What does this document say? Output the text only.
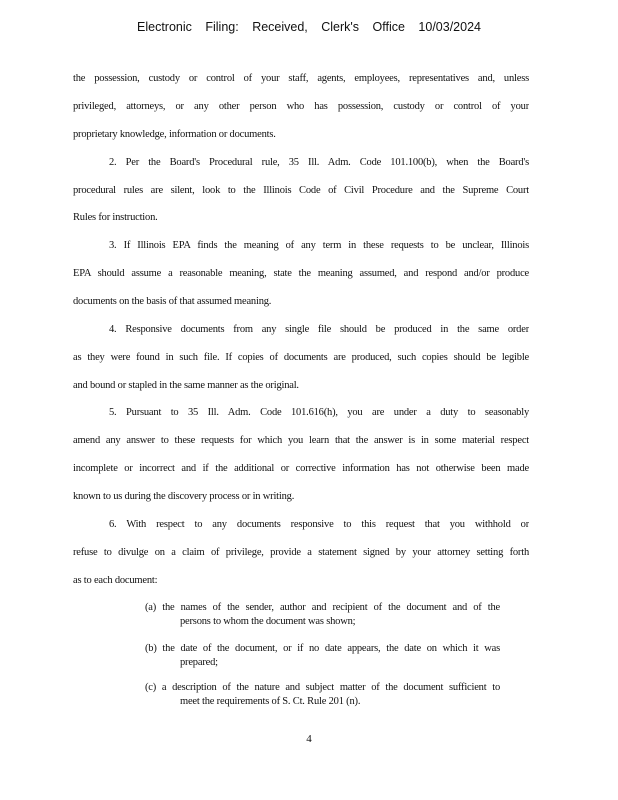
Electronic Filing: Received, Clerk's Office 10/03/2024
the possession, custody or control of your staff, agents, employees, representatives and, unless
privileged, attorneys, or any other person who has possession, custody or control of your
proprietary knowledge, information or documents.
2. Per the Board's Procedural rule, 35 Ill. Adm. Code 101.100(b), when the Board's
procedural rules are silent, look to the Illinois Code of Civil Procedure and the Supreme Court
Rules for instruction.
3. If Illinois EPA finds the meaning of any term in these requests to be unclear, Illinois
EPA should assume a reasonable meaning, state the meaning assumed, and respond and/or produce
documents on the basis of that assumed meaning.
4. Responsive documents from any single file should be produced in the same order
as they were found in such file. If copies of documents are produced, such copies should be legible
and bound or stapled in the same manner as the original.
5. Pursuant to 35 Ill. Adm. Code 101.616(h), you are under a duty to seasonably
amend any answer to these requests for which you learn that the answer is in some material respect
incomplete or incorrect and if the additional or corrective information has not otherwise been made
known to us during the discovery process or in writing.
6. With respect to any documents responsive to this request that you withhold or
refuse to divulge on a claim of privilege, provide a statement signed by your attorney setting forth
as to each document:
(a) the names of the sender, author and recipient of the document and of the
persons to whom the document was shown;
(b) the date of the document, or if no date appears, the date on which it was
prepared;
(c) a description of the nature and subject matter of the document sufficient to
meet the requirements of S. Ct. Rule 201 (n).
4
